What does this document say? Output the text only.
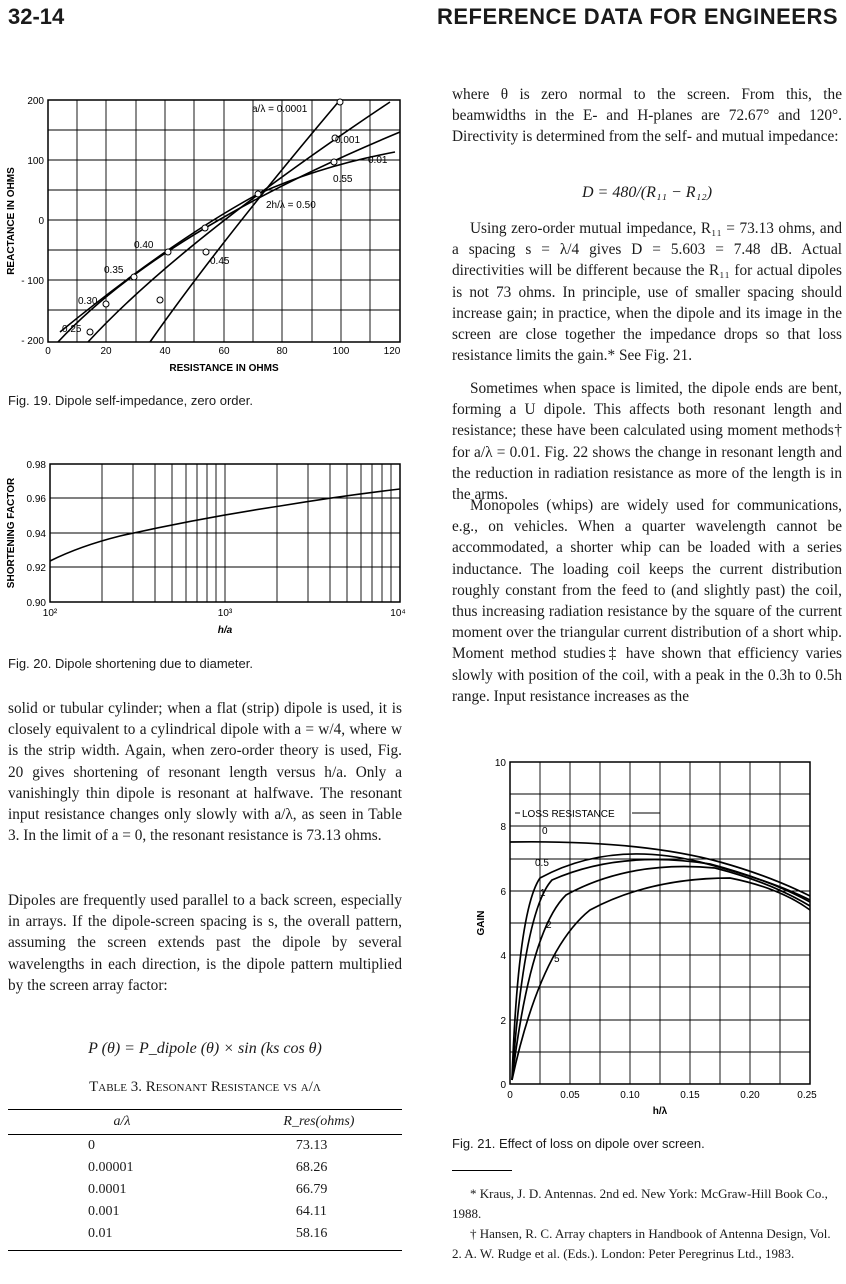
32-14	REFERENCE DATA FOR ENGINEERS
200
100
0
- 100
- 200
0	20	40	60	80	100	120
RESISTANCE IN OHMS
REACTANCE IN OHMS
a/λ = 0.0001
0.001
0.01
0.55
2h/λ = 0.50
0.45
0.40
0.35
0.30
0.25
Fig. 19. Dipole self-impedance, zero order.
0.98
0.96
0.94
0.92
0.90
10²	10³	10⁴
h/a
SHORTENING FACTOR
Fig. 20. Dipole shortening due to diameter.

solid or tubular cylinder; when a flat (strip) dipole is used, it is closely equivalent to a cylindrical dipole with a = w/4, where w is the strip width. Again, when zero-order theory is used, Fig. 20 gives shortening of resonant length versus h/a. Only a vanishingly thin dipole is resonant at halfwave. The resonant input resistance changes only slowly with a/λ, as seen in Table 3. In the limit of a = 0, the resonant resistance is 73.13 ohms.

Dipoles are frequently used parallel to a back screen, especially in arrays. If the dipole-screen spacing is s, the overall pattern, assuming the screen extends past the dipole by several wavelengths in each direction, is the dipole pattern multiplied by the screen array factor:

P (θ) = P_dipole (θ) × sin (ks cos θ)
Table 3. Resonant Resistance vs a/λ
a/λ	R_res(ohms)
0	73.13
0.00001	68.26
0.0001	66.79
0.001	64.11
0.01	58.16

where θ is zero normal to the screen. From this, the beamwidths in the E- and H-planes are 72.67° and 120°. Directivity is determined from the self- and mutual impedance:

D = 480/(R₁₁ − R₁₂)

Using zero-order mutual impedance, R₁₁ = 73.13 ohms, and a spacing s = λ/4 gives D = 5.603 = 7.48 dB. Actual directivities will be different because the R₁₁ for actual dipoles is not 73 ohms. In principle, use of smaller spacing should increase gain; in practice, when the dipole and its image in the screen are close together the impedance drops so that loss resistance limits the gain.* See Fig. 21.

Sometimes when space is limited, the dipole ends are bent, forming a U dipole. This affects both resonant length and resistance; these have been calculated using moment methods† for a/λ = 0.01. Fig. 22 shows the change in resonant length and the reduction in radiation resistance as more of the length is in the arms.

Monopoles (whips) are widely used for communications, e.g., on vehicles. When a quarter wavelength cannot be accommodated, a shorter whip can be loaded with a series inductance. The loading coil keeps the current distribution roughly constant from the feed to (and slightly past) the coil, thus increasing radiation resistance by the square of the current moment over the triangular current distribution of a short whip. Moment method studies‡ have shown that efficiency varies slowly with position of the coil, with a peak in the 0.3h to 0.5h range. Input resistance increases as the

LOSS RESISTANCE
0
0.5
1
2
5
10
8
6
4
2
0
0	0.05	0.10	0.15	0.20	0.25
h/λ
GAIN
Fig. 21. Effect of loss on dipole over screen.

* Kraus, J. D. Antennas. 2nd ed. New York: McGraw-Hill Book Co., 1988.

† Hansen, R. C. Array chapters in Handbook of Antenna Design, Vol. 2. A. W. Rudge et al. (Eds.). London: Peter Peregrinus Ltd., 1983.
